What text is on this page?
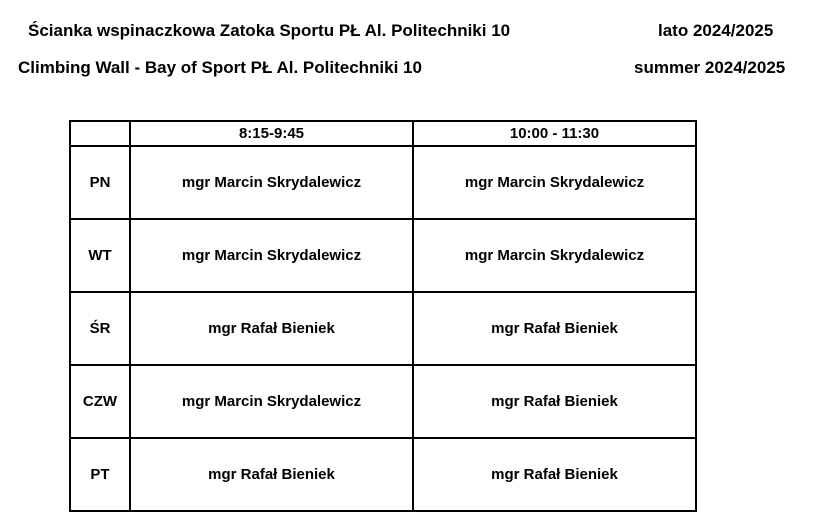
Ścianka wspinaczkowa Zatoka Sportu PŁ Al. Politechniki 10	lato 2024/2025
Climbing Wall - Bay of Sport PŁ Al. Politechniki 10	summer 2024/2025
	8:15-9:45	10:00 - 11:30
PN	mgr Marcin Skrydalewicz	mgr Marcin Skrydalewicz
WT	mgr Marcin Skrydalewicz	mgr Marcin Skrydalewicz
ŚR	mgr Rafał Bieniek	mgr Rafał Bieniek
CZW	mgr Marcin Skrydalewicz	mgr Rafał Bieniek
PT	mgr Rafał Bieniek	mgr Rafał Bieniek
